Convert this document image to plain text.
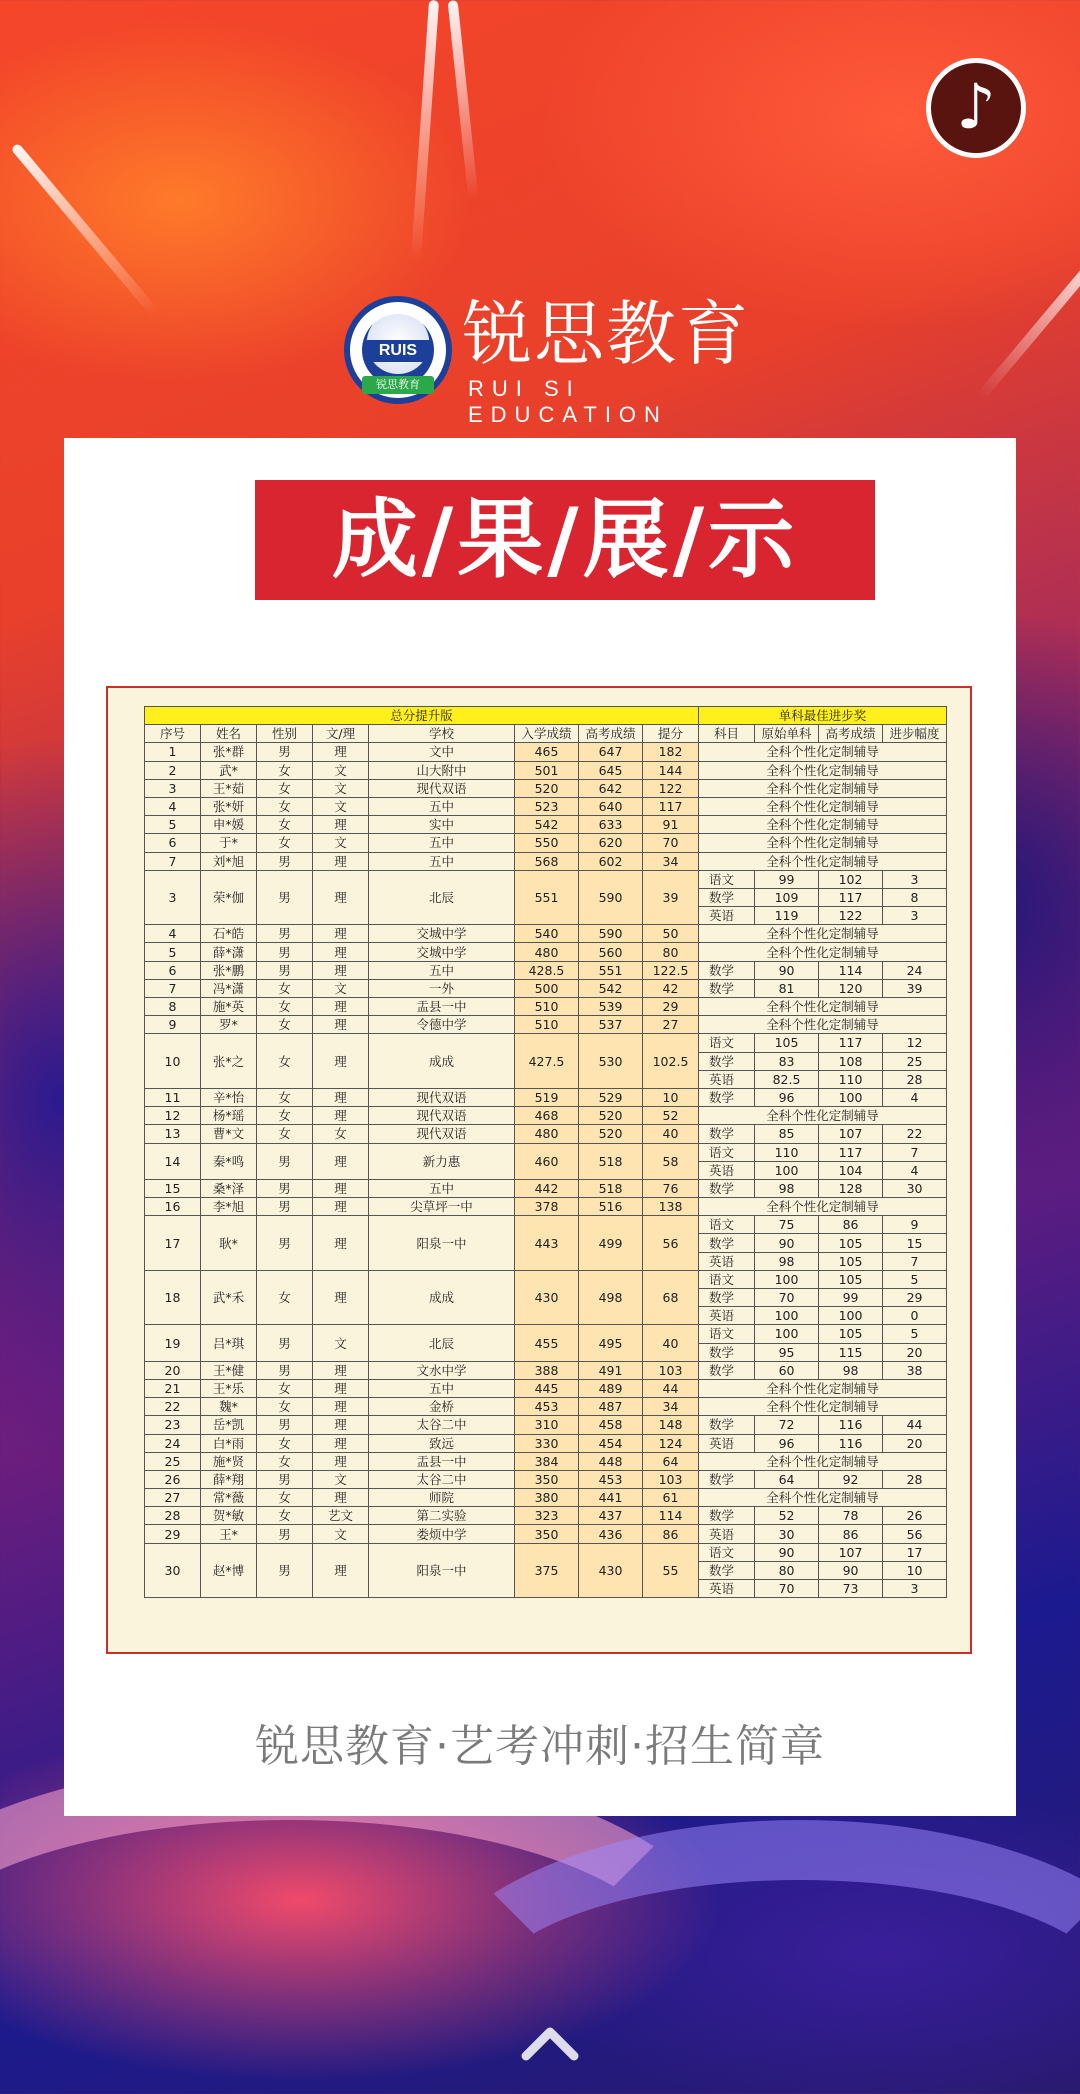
♪
RUIS
锐思教育
锐思教育
RUI SI EDUCATION
成/果/展/示
总分提升版								单科最佳进步奖			
序号	姓名	性别	文/理	学校	入学成绩	高考成绩	提分	科目	原始单科	高考成绩	进步幅度
1	张*群	男	理	文中	465	647	182	全科个性化定制辅导			
2	武*	女	文	山大附中	501	645	144	全科个性化定制辅导			
3	王*茹	女	文	现代双语	520	642	122	全科个性化定制辅导			
4	张*妍	女	文	五中	523	640	117	全科个性化定制辅导			
5	申*媛	女	理	实中	542	633	91	全科个性化定制辅导			
6	于*	女	文	五中	550	620	70	全科个性化定制辅导			
7	刘*旭	男	理	五中	568	602	34	全科个性化定制辅导			
3	荣*伽	男	理	北辰	551	590	39	语文	99	102	3
								数学	109	117	8
								英语	119	122	3
4	石*皓	男	理	交城中学	540	590	50	全科个性化定制辅导			
5	薛*潇	男	理	交城中学	480	560	80	全科个性化定制辅导			
6	张*鹏	男	理	五中	428.5	551	122.5	数学	90	114	24
7	冯*潇	女	文	一外	500	542	42	数学	81	120	39
8	施*英	女	理	盂县一中	510	539	29	全科个性化定制辅导			
9	罗*	女	理	令德中学	510	537	27	全科个性化定制辅导			
10	张*之	女	理	成成	427.5	530	102.5	语文	105	117	12
								数学	83	108	25
								英语	82.5	110	28
11	辛*怡	女	理	现代双语	519	529	10	数学	96	100	4
12	杨*瑶	女	理	现代双语	468	520	52	全科个性化定制辅导			
13	曹*文	女	女	现代双语	480	520	40	数学	85	107	22
14	秦*鸣	男	理	新力惠	460	518	58	语文	110	117	7
								英语	100	104	4
15	桑*泽	男	理	五中	442	518	76	数学	98	128	30
16	李*旭	男	理	尖草坪一中	378	516	138	全科个性化定制辅导			
17	耿*	男	理	阳泉一中	443	499	56	语文	75	86	9
								数学	90	105	15
								英语	98	105	7
18	武*禾	女	理	成成	430	498	68	语文	100	105	5
								数学	70	99	29
								英语	100	100	0
19	吕*琪	男	文	北辰	455	495	40	语文	100	105	5
								数学	95	115	20
20	王*健	男	理	文水中学	388	491	103	数学	60	98	38
21	王*乐	女	理	五中	445	489	44	全科个性化定制辅导			
22	魏*	女	理	金桥	453	487	34	全科个性化定制辅导			
23	岳*凯	男	理	太谷二中	310	458	148	数学	72	116	44
24	白*雨	女	理	致远	330	454	124	英语	96	116	20
25	施*贤	女	理	盂县一中	384	448	64	全科个性化定制辅导			
26	薛*翔	男	文	太谷二中	350	453	103	数学	64	92	28
27	常*薇	女	理	师院	380	441	61	全科个性化定制辅导			
28	贺*敏	女	艺文	第二实验	323	437	114	数学	52	78	26
29	王*	男	文	娄烦中学	350	436	86	英语	30	86	56
30	赵*博	男	理	阳泉一中	375	430	55	语文	90	107	17
								数学	80	90	10
								英语	70	73	3
锐思教育·艺考冲刺·招生简章
